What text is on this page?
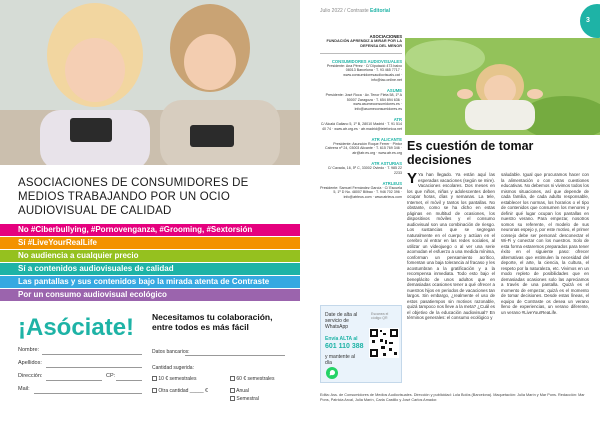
ASOCIACIONES DE CONSUMIDORES DE MEDIOS TRABAJANDO POR UN OCIO AUDIOVISUAL DE CALIDAD
No #Ciberbullying, #Pornovenganza, #Grooming, #Sextorsión
Sí #LiveYourRealLife
No audiencia a cualquier precio
Sí a contenidos audiovisuales de calidad
Las pantallas y sus contenidos bajo la mirada atenta de Contraste
Por un consumo audiovisual ecológico
¡Asóciate!
Nombre:
Apellidos:
Dirección:	CP:
Mail:
Necesitamos tu colaboración, entre todos es más fácil
Datos bancarios:
Cantidad sugerida:
10 € semestrales	60 € semestrales
Otra cantidad _____ €	Anual
Semestral
Julio 2022 / Contraste Editorial
3
ASOCIACIONES
FUNDACIÓN APRENDIZ A MIRAR POR LA DEFENSA DEL MENOR
CONSUMIDORES AUDIOVISUALES
Presidente: Ana Pérez · C/ Diputació 473 baixo 08013 Barcelona · T. 93 465 7717 · www.consumidoresaudiovisuals.cat · info@tac.online.net
ASUME
Presidente: José Roca · Av. Tenor Fleta 58, 1º A 50007 Zaragoza · T. 654 894 636 · www.asumeconsumidores.es · info@asumeconsumidores.es
ATR
C/ Alcalá Galiano 5, 1º B, 28010 Madrid · T. 91 514 40 74 · www.atr.org.es · atr.madrid@telefonica.net
ATR ALICANTE
Presidente: Asunción Roque Ferrer · Pintor Cabrera nº 24, 03003 Alicante · T. 615 769 346 · atr@atr.es.org · www.atr.es.org
ATR ASTURIAS
C/ Cavada, 16, 5º C, 33002 Oviedo · T. 985 22 2233
ATRLEUS
Presidente: Samuel Fernández García · C/ Escuela 5, 1º D No. 48007 Bilbao · T. 946 702 396 · info@atrleus.com · www.atrleus.com
Es cuestión de tomar decisiones
Y Ya han llegado. Ya están aquí las esperadas vacaciones (según se mire). Vacaciones escolares. Dos meses en los que niños, niñas y adolescentes deben ocupar horas, días y semanas. La tele, Internet, el móvil y tantos los pantallas. No obstante, como se ha dicho en estas páginas en multitud de ocasiones, los dispositivos móviles y el consumo audiovisual son una combinación de riesgo. Los sustancias que se segregan naturalmente en el cuerpo y actúan en el cerebro al entrar en las redes sociales, al utilizar un videojuego o al ver una serie acomodan el esfuerzo a una medida mínima, conforman un pensamiento acrítico, fomentan una baja tolerancia al fracaso y les acostumbran a la gratificación y a la recompensa inmediata. Todo esto bajo el beneplácito de unos adultos que en demasiadas ocasiones tener a qué ofrecer a nuestros hijos en periodos de vacaciones tan largos. Sin embargo, ¿realmente el uso de estos pasatiempos sin motivos razonable, quizá tampoco nos lleve a la meta? ¿Cuál es el objetivo de la educación audiovisual? En términos generales: el consumo ecológico y
saludable. Igual que procuramos hacer con la alimentación o con otras cuestiones educativas. No debemos ni vivimos todos los mismos situaciones, así que depende de cada familia, de cada adulto responsable, establecer los normas, los horarios o el tipo de contenidos que consumen los menores y definir qué lugar ocupan los pantallas en nuestro verano. Para empezar, nosotros somos su referente, el modelo de sus neuronas espejo y, por este motivo, el primer consejo debe ser personal: desconectar el Wi-Fi y conectar con los nuestros. Solo de esta forma estaremos preparados para tener éxito en el siguiente paso: ofrecer alternativas que estimulen la necesidad del deporte, el arte, la ciencia, la cultura, el respeto por la naturaleza, etc. Vivimos en un modo repleto de posibilidades que en demasiadas ocasiones solo las apreciamos a través de una pantalla. Quizá es el momento de empezar, quizá es el momento de tomar decisiones. Desde estas líneas, el equipo de Contraste os desea un verano lleno de experiencias, un verano diferente, un verano #LiveYourReaLife.
Date de alta al servicio de WhatsApp
Envía ALTA al
601 110 388
y mantente al día
Escanea el código QR
Edita: Ass. de Consumidores de Medios Audiovisuales. Dirección y publicidad: Lola Bolós (Barcelona). Maquetación: Julia Marín y Mar Pons. Redacción: Mar Pons, Patricia Arcal, Julia Marín, Carla Castillo y José Carlos Amador.
